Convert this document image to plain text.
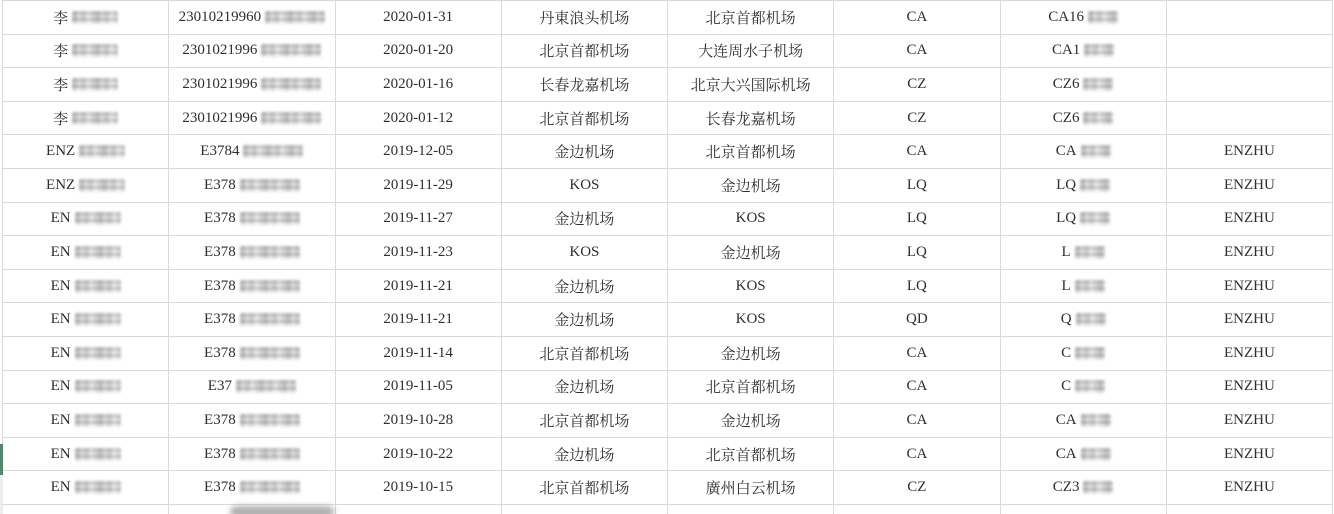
李	23010219960	2020-01-31	丹東浪头机场	北京首都机场	CA	CA16	
李	2301021996	2020-01-20	北京首都机场	大连周水子机场	CA	CA1	
李	2301021996	2020-01-16	长春龙嘉机场	北京大兴国际机场	CZ	CZ6	
李	2301021996	2020-01-12	北京首都机场	长春龙嘉机场	CZ	CZ6	
ENZ	E3784	2019-12-05	金边机场	北京首都机场	CA	CA	ENZHU
ENZ	E378	2019-11-29	KOS	金边机场	LQ	LQ	ENZHU
EN	E378	2019-11-27	金边机场	KOS	LQ	LQ	ENZHU
EN	E378	2019-11-23	KOS	金边机场	LQ	L	ENZHU
EN	E378	2019-11-21	金边机场	KOS	LQ	L	ENZHU
EN	E378	2019-11-21	金边机场	KOS	QD	Q	ENZHU
EN	E378	2019-11-14	北京首都机场	金边机场	CA	C	ENZHU
EN	E37	2019-11-05	金边机场	北京首都机场	CA	C	ENZHU
EN	E378	2019-10-28	北京首都机场	金边机场	CA	CA	ENZHU
EN	E378	2019-10-22	金边机场	北京首都机场	CA	CA	ENZHU
EN	E378	2019-10-15	北京首都机场	廣州白云机场	CZ	CZ3	ENZHU
